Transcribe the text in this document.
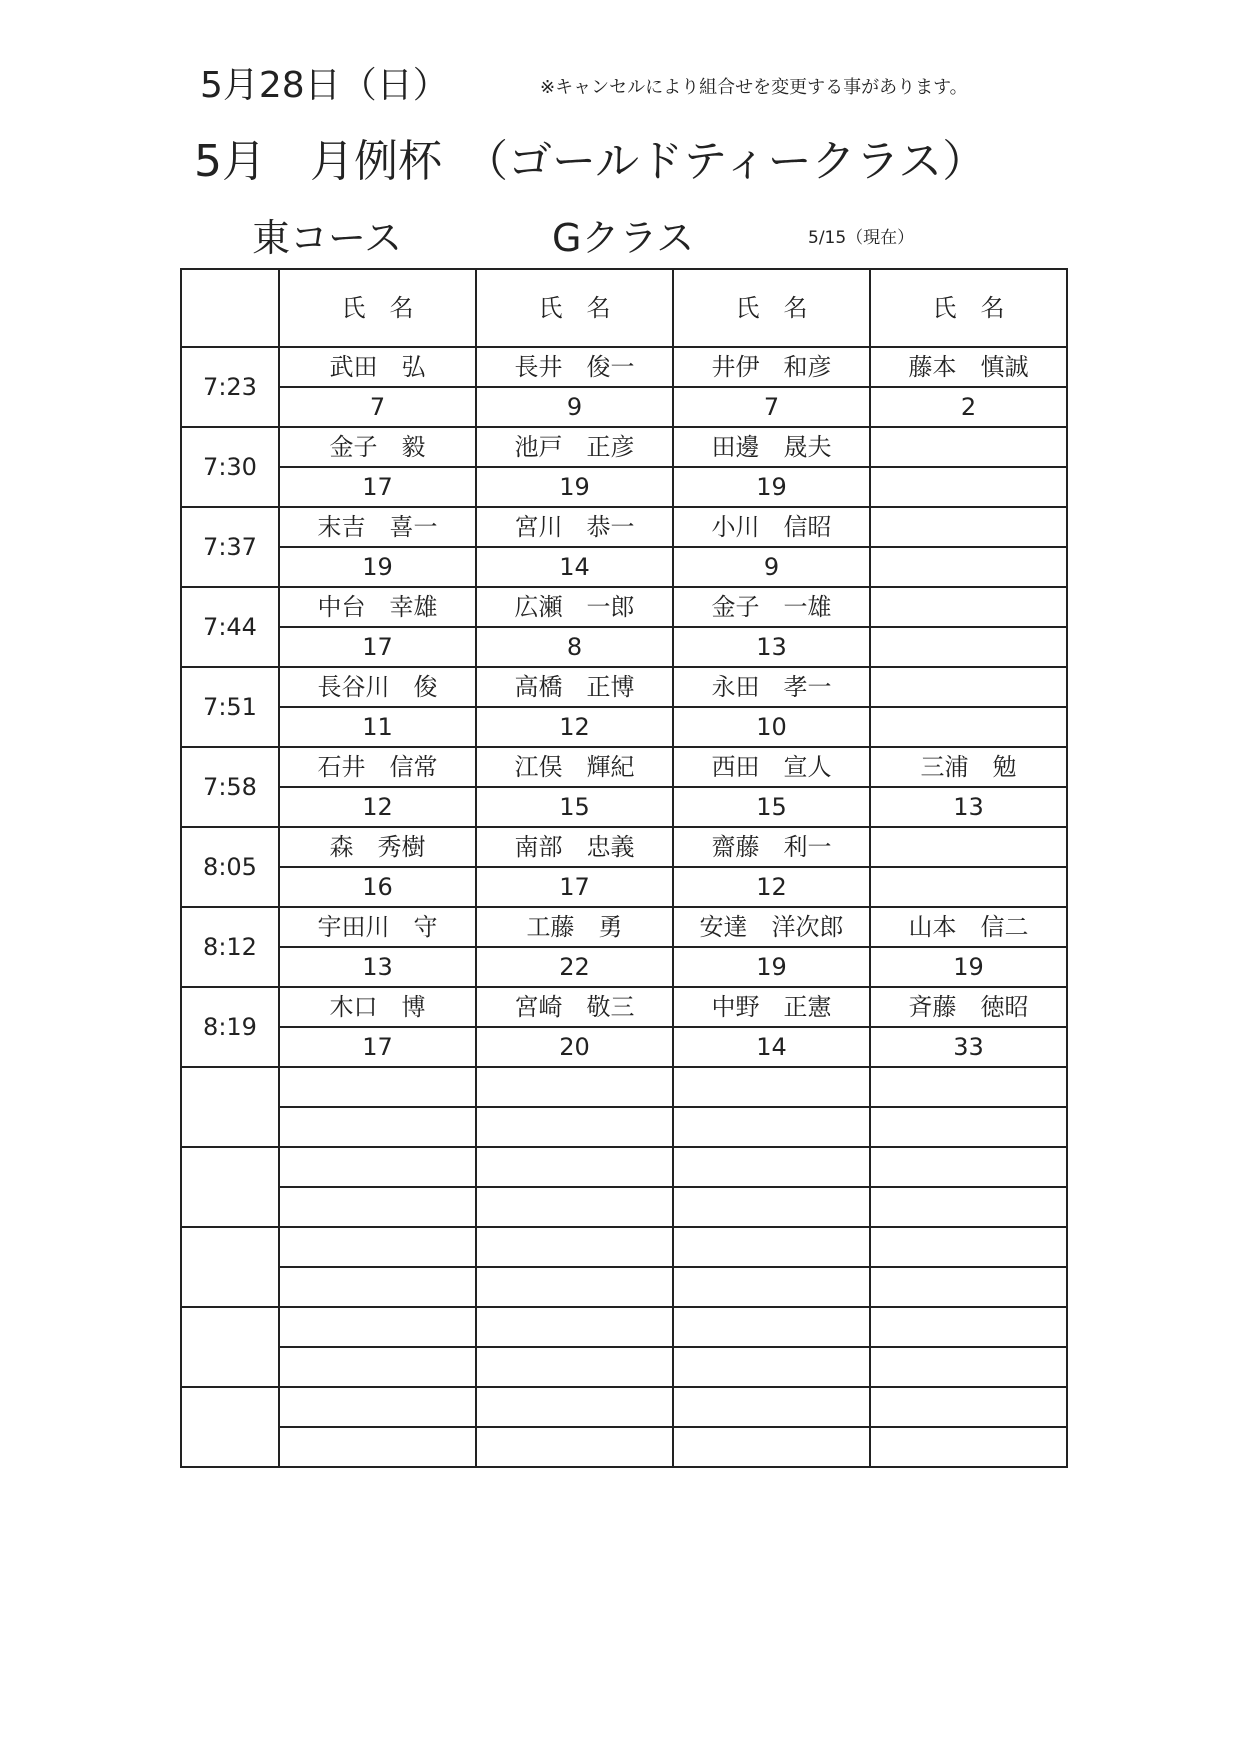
5月28日（日）	※キャンセルにより組合せを変更する事があります。
5月　月例杯　（ゴールドティークラス）
東コース	Gクラス	5/15（現在）
	氏　名	氏　名	氏　名	氏　名
7:23	武田　弘	長井　俊一	井伊　和彦	藤本　慎誠
	7	9	7	2
7:30	金子　毅	池戸　正彦	田邊　晟夫	
	17	19	19	
7:37	末吉　喜一	宮川　恭一	小川　信昭	
	19	14	9	
7:44	中台　幸雄	広瀬　一郎	金子　一雄	
	17	8	13	
7:51	長谷川　俊	高橋　正博	永田　孝一	
	11	12	10	
7:58	石井　信常	江俣　輝紀	西田　宣人	三浦　勉
	12	15	15	13
8:05	森　秀樹	南部　忠義	齋藤　利一	
	16	17	12	
8:12	宇田川　守	工藤　勇	安達　洋次郎	山本　信二
	13	22	19	19
8:19	木口　博	宮崎　敬三	中野　正憲	斉藤　徳昭
	17	20	14	33
